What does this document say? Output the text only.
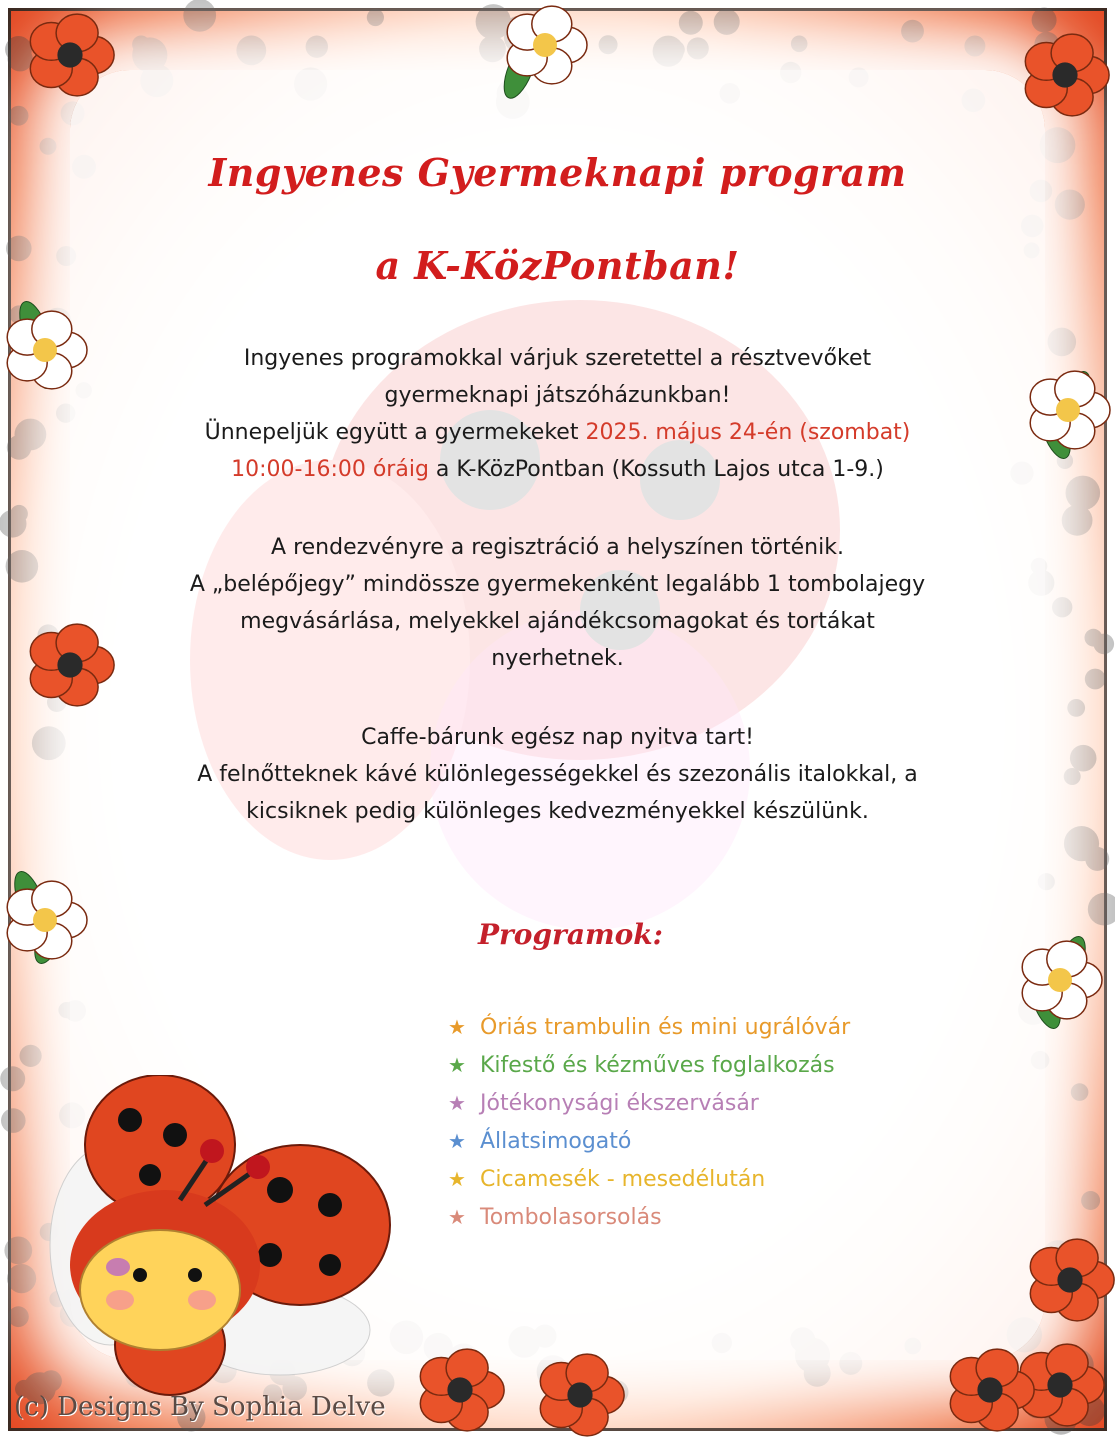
Ingyenes Gyermeknapi program
a K-KözPontban!
Ingyenes programokkal várjuk szeretettel a résztvevőket
gyermeknapi játszóházunkban!
Ünnepeljük együtt a gyermekeket 2025. május 24-én (szombat)
10:00-16:00 óráig a K-KözPontban (Kossuth Lajos utca 1-9.)
A rendezvényre a regisztráció a helyszínen történik.
A „belépőjegy” mindössze gyermekenként legalább 1 tombolajegy
megvásárlása, melyekkel ajándékcsomagokat és tortákat
nyerhetnek.
Caffe-bárunk egész nap nyitva tart!
A felnőtteknek kávé különlegességekkel és szezonális italokkal, a
kicsiknek pedig különleges kedvezményekkel készülünk.
Programok:
★ Óriás trambulin és mini ugrálóvár
★ Kifestő és kézműves foglalkozás
★ Jótékonysági ékszervásár
★ Állatsimogató
★ Cicamesék - mesedélután
★ Tombolasorsolás
(c) Designs By Sophia Delve
